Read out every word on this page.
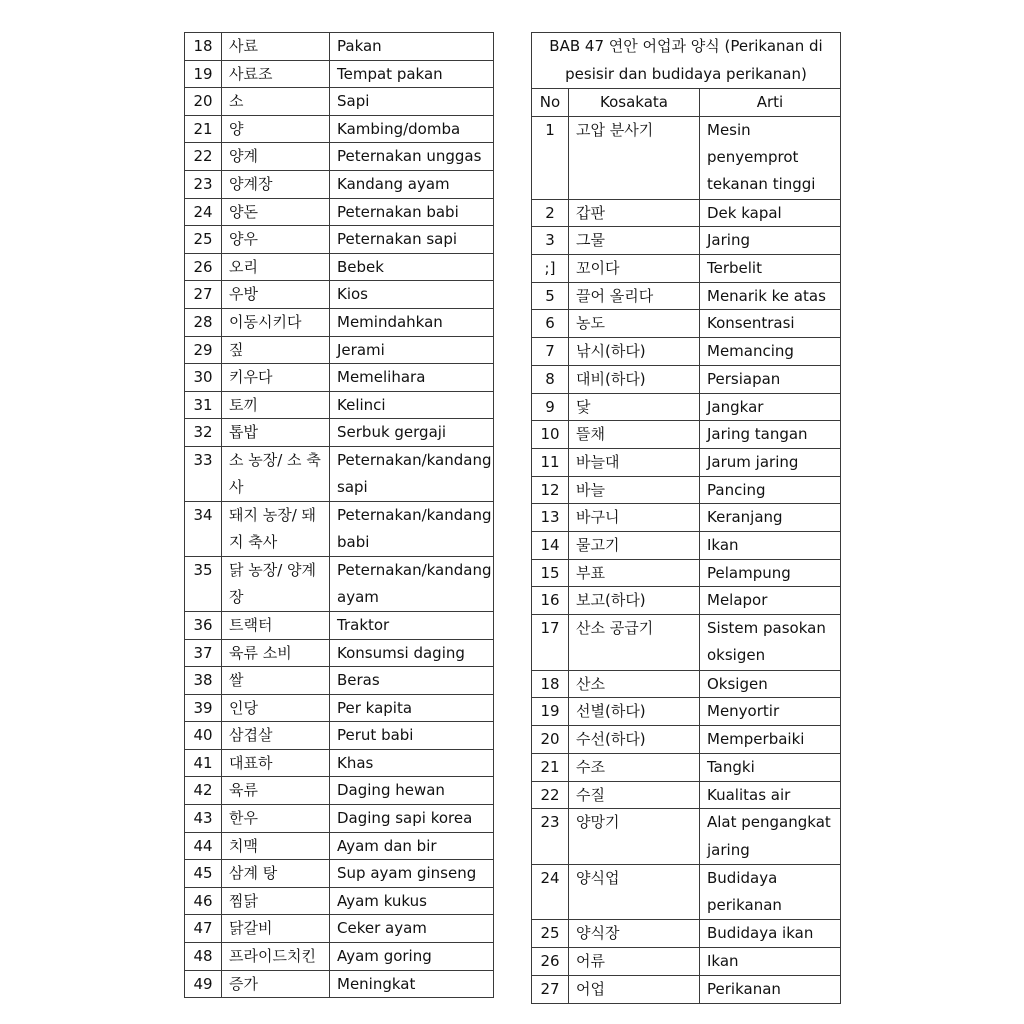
18	사료	Pakan
19	사료조	Tempat pakan
20	소	Sapi
21	양	Kambing/domba
22	양계	Peternakan unggas
23	양계장	Kandang ayam
24	양돈	Peternakan babi
25	양우	Peternakan sapi
26	오리	Bebek
27	우방	Kios
28	이동시키다	Memindahkan
29	짚	Jerami
30	키우다	Memelihara
31	토끼	Kelinci
32	톱밥	Serbuk gergaji
33	소 농장/ 소 축사	Peternakan/kandang sapi
34	돼지 농장/ 돼지 축사	Peternakan/kandang babi
35	닭 농장/ 양계장	Peternakan/kandang ayam
36	트랙터	Traktor
37	육류 소비	Konsumsi daging
38	쌀	Beras
39	인당	Per kapita
40	삼겹살	Perut babi
41	대표하	Khas
42	육류	Daging hewan
43	한우	Daging sapi korea
44	치맥	Ayam dan bir
45	삼계 탕	Sup ayam ginseng
46	찜닭	Ayam kukus
47	닭갈비	Ceker ayam
48	프라이드치킨	Ayam goring
49	증가	Meningkat
BAB 47 연안 어업과 양식 (Perikanan di pesisir dan budidaya perikanan)		
No	Kosakata	Arti
1	고압 분사기	Mesin penyemprot tekanan tinggi
2	갑판	Dek kapal
3	그물	Jaring
;]	꼬이다	Terbelit
5	끌어 올리다	Menarik ke atas
6	농도	Konsentrasi
7	낚시(하다)	Memancing
8	대비(하다)	Persiapan
9	닻	Jangkar
10	뜰채	Jaring tangan
11	바늘대	Jarum jaring
12	바늘	Pancing
13	바구니	Keranjang
14	물고기	Ikan
15	부표	Pelampung
16	보고(하다)	Melapor
17	산소 공급기	Sistem pasokan oksigen
18	산소	Oksigen
19	선별(하다)	Menyortir
20	수선(하다)	Memperbaiki
21	수조	Tangki
22	수질	Kualitas air
23	양망기	Alat pengangkat jaring
24	양식업	Budidaya perikanan
25	양식장	Budidaya ikan
26	어류	Ikan
27	어업	Perikanan
